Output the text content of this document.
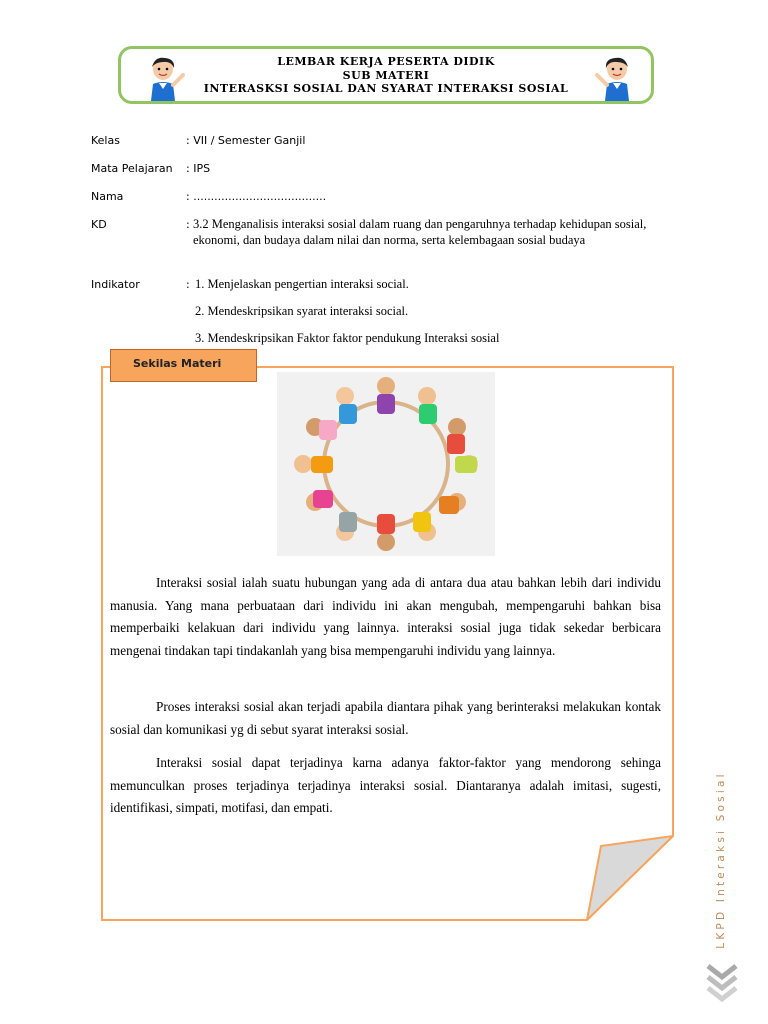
LEMBAR KERJA PESERTA DIDIK
SUB MATERI
INTERASKSI SOSIAL DAN SYARAT INTERAKSI SOSIAL
Kelas	: VII / Semester Ganjil
Mata Pelajaran : IPS
Nama	: ......................................
KD	: 3.2 Menganalisis interaksi sosial dalam ruang dan pengaruhnya terhadap kehidupan sosial, ekonomi, dan budaya dalam nilai dan norma, serta kelembagaan sosial budaya
Indikator	: 1. Menjelaskan pengertian interaksi social.
2. Mendeskripsikan syarat interaksi social.
3. Mendeskripsikan Faktor faktor pendukung Interaksi sosial
Sekilas Materi
Interaksi sosial ialah suatu hubungan yang ada di antara dua atau bahkan lebih dari individu manusia. Yang mana perbuataan dari individu ini akan mengubah, mempengaruhi bahkan bisa memperbaiki kelakuan dari individu yang lainnya. interaksi sosial juga tidak sekedar berbicara mengenai tindakan tapi tindakanlah yang bisa mempengaruhi individu yang lainnya.
Proses interaksi sosial akan terjadi apabila diantara pihak yang berinteraksi melakukan kontak sosial dan komunikasi yg di sebut syarat interaksi sosial.
Interaksi sosial dapat terjadinya karna adanya faktor-faktor yang mendorong sehinga memunculkan proses terjadinya terjadinya interaksi sosial. Diantaranya adalah imitasi, sugesti, identifikasi, simpati, motifasi, dan empati.	LKPD Interaksi Sosial
